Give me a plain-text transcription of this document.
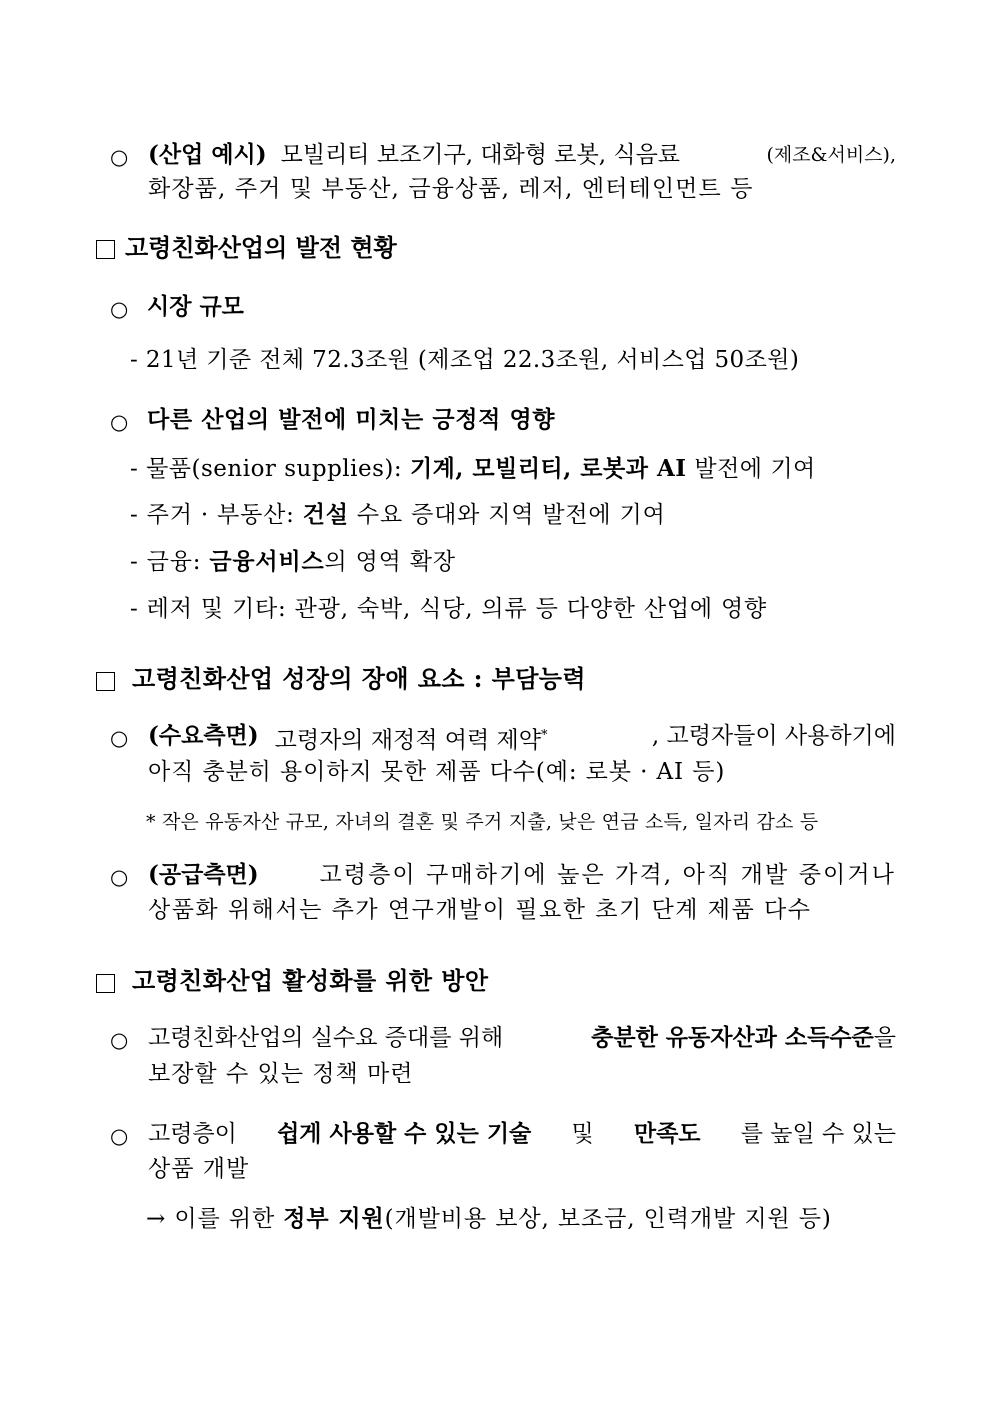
○ (산업 예시) 모빌리티 보조기구, 대화형 로봇, 식음료	(제조&서비스),
화장품, 주거 및 부동산, 금융상품, 레저, 엔터테인먼트 등
고령친화산업의 발전 현황
○ 시장 규모
- 21년 기준 전체 72.3조원 (제조업 22.3조원, 서비스업 50조원)
○ 다른 산업의 발전에 미치는 긍정적 영향
- 물품(senior supplies): 기계, 모빌리티, 로봇과 AI 발전에 기여
- 주거 · 부동산: 건설 수요 증대와 지역 발전에 기여
- 금융: 금융서비스의 영역 확장
- 레저 및 기타: 관광, 숙박, 식당, 의류 등 다양한 산업에 영향
고령친화산업 성장의 장애 요소 : 부담능력
○ (수요측면) 고령자의 재정적 여력 제약*	, 고령자들이 사용하기에
아직 충분히 용이하지 못한 제품 다수(예: 로봇 · AI 등)
* 작은 유동자산 규모, 자녀의 결혼 및 주거 지출, 낮은 연금 소득, 일자리 감소 등
○ (공급측면)	고령층이 구매하기에 높은 가격, 아직 개발 중이거나
상품화 위해서는 추가 연구개발이 필요한 초기 단계 제품 다수
고령친화산업 활성화를 위한 방안
○ 고령친화산업의 실수요 증대를 위해	충분한 유동자산과 소득수준을
보장할 수 있는 정책 마련
○ 고령층이 쉽게 사용할 수 있는 기술 및 만족도 를 높일 수 있는
상품 개발
→ 이를 위한 정부 지원(개발비용 보상, 보조금, 인력개발 지원 등)
